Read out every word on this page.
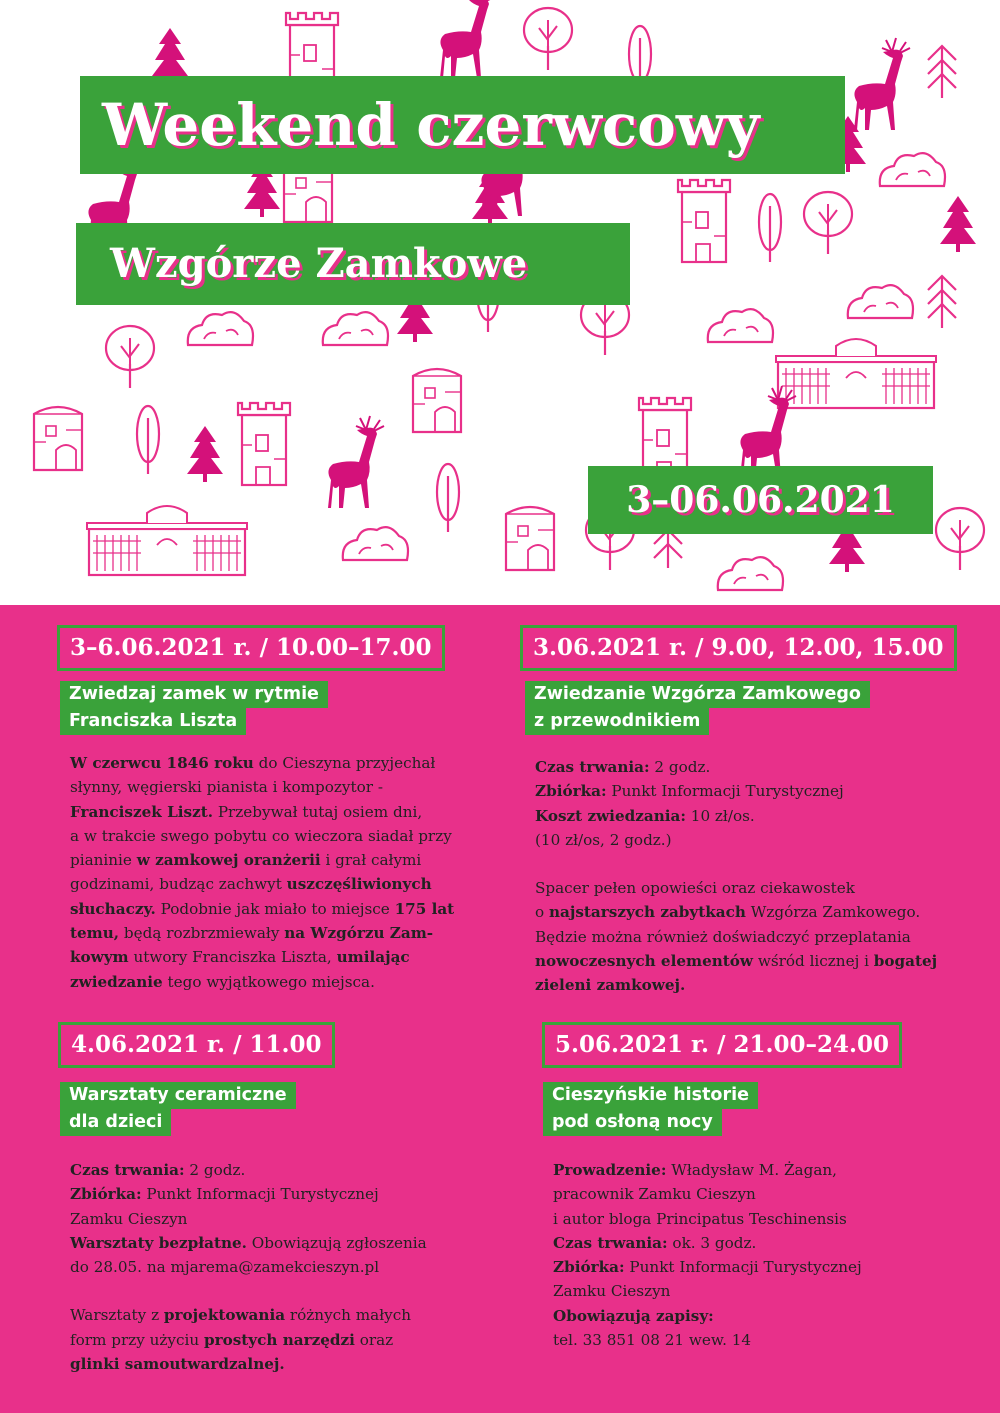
Weekend czerwcowy
Wzgórze Zamkowe
3–06.06.2021
3–6.06.2021 r. / 10.00–17.00
Zwiedzaj zamek w rytmie
Franciszka Liszta
W czerwcu 1846 roku do Cieszyna przyjechał
słynny, węgierski pianista i kompozytor -
Franciszek Liszt. Przebywał tutaj osiem dni,
a w trakcie swego pobytu co wieczora siadał przy
pianinie w zamkowej oranżerii i grał całymi
godzinami, budząc zachwyt uszczęśliwionych
słuchaczy. Podobnie jak miało to miejsce 175 lat
temu, będą rozbrzmiewały na Wzgórzu Zam-
kowym utwory Franciszka Liszta, umilając
zwiedzanie tego wyjątkowego miejsca.
3.06.2021 r. / 9.00, 12.00, 15.00
Zwiedzanie Wzgórza Zamkowego
z przewodnikiem
Czas trwania: 2 godz.
Zbiórka: Punkt Informacji Turystycznej
Koszt zwiedzania: 10 zł/os.
(10 zł/os, 2 godz.)
Spacer pełen opowieści oraz ciekawostek
o najstarszych zabytkach Wzgórza Zamkowego.
Będzie można również doświadczyć przeplatania
nowoczesnych elementów wśród licznej i bogatej
zieleni zamkowej.
4.06.2021 r. / 11.00
Warsztaty ceramiczne
dla dzieci
Czas trwania: 2 godz.
Zbiórka: Punkt Informacji Turystycznej
Zamku Cieszyn
Warsztaty bezpłatne. Obowiązują zgłoszenia
do 28.05. na mjarema@zamekcieszyn.pl
Warsztaty z projektowania różnych małych
form przy użyciu prostych narzędzi oraz
glinki samoutwardzalnej.
5.06.2021 r. / 21.00–24.00
Cieszyńskie historie
pod osłoną nocy
Prowadzenie: Władysław M. Żagan,
pracownik Zamku Cieszyn
i autor bloga Principatus Teschinensis
Czas trwania: ok. 3 godz.
Zbiórka: Punkt Informacji Turystycznej
Zamku Cieszyn
Obowiązują zapisy:
tel. 33 851 08 21 wew. 14
